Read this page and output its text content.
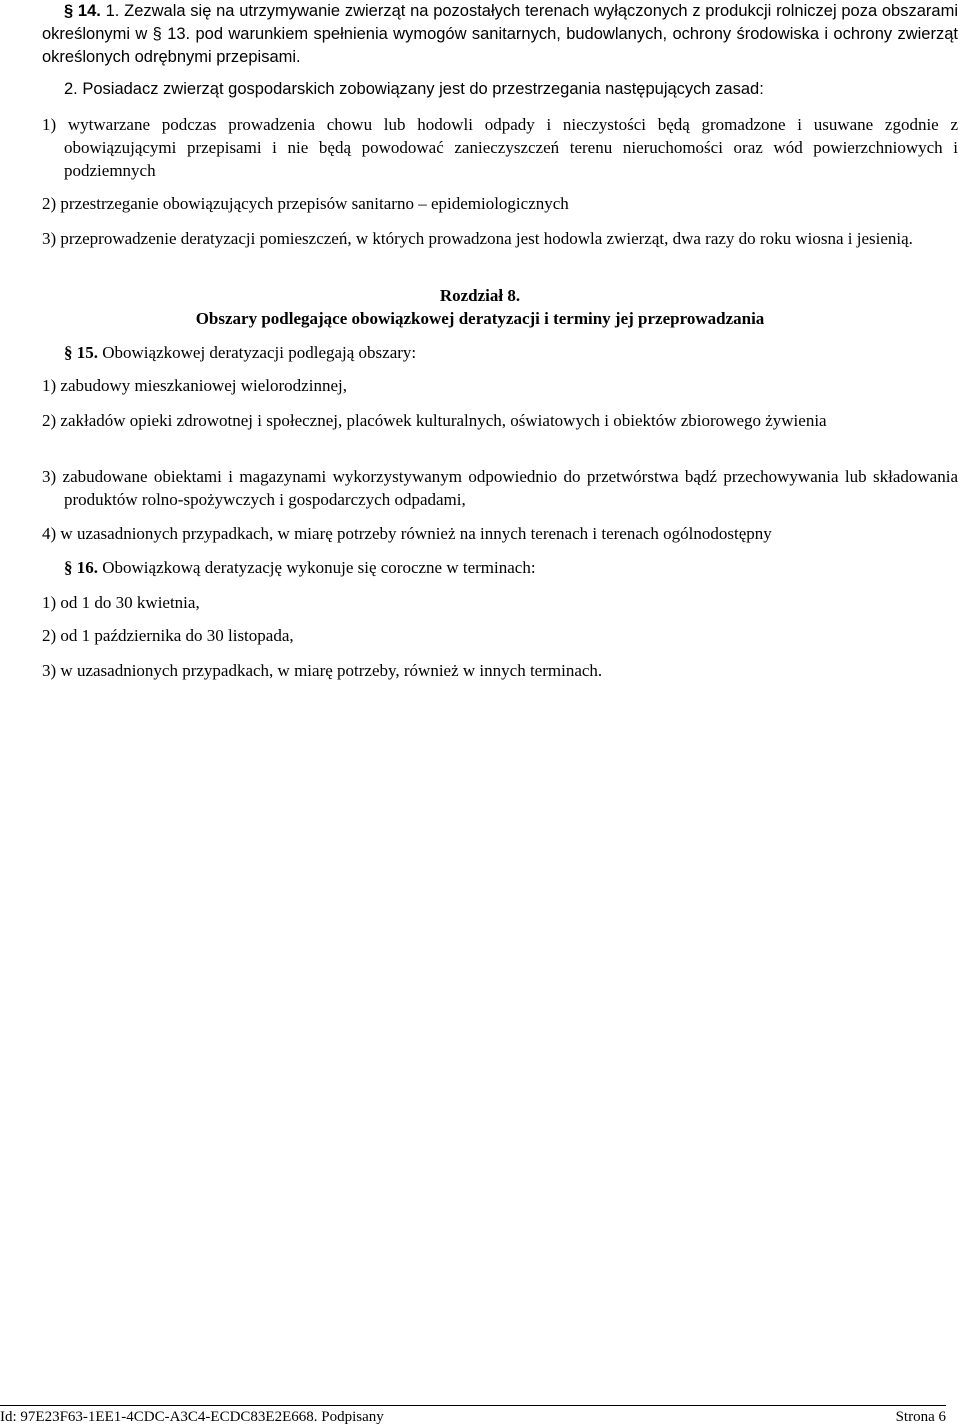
§ 14. 1. Zezwala się na utrzymywanie zwierząt na pozostałych terenach wyłączonych z produkcji rolniczej poza obszarami określonymi w § 13. pod warunkiem spełnienia wymogów sanitarnych, budowlanych, ochrony środowiska i ochrony zwierząt określonych odrębnymi przepisami.

2. Posiadacz zwierząt gospodarskich zobowiązany jest do przestrzegania następujących zasad:

1) wytwarzane podczas prowadzenia chowu lub hodowli odpady i nieczystości będą gromadzone i usuwane zgodnie z obowiązującymi przepisami i nie będą powodować zanieczyszczeń terenu nieruchomości oraz wód powierzchniowych i podziemnych

2) przestrzeganie obowiązujących przepisów sanitarno – epidemiologicznych

3) przeprowadzenie deratyzacji pomieszczeń, w których prowadzona jest hodowla zwierząt, dwa razy do roku wiosna i jesienią.

Rozdział 8.

Obszary podlegające obowiązkowej deratyzacji i terminy jej przeprowadzania

§ 15. Obowiązkowej deratyzacji podlegają obszary:

1) zabudowy mieszkaniowej wielorodzinnej,

2) zakładów opieki zdrowotnej i społecznej, placówek kulturalnych, oświatowych i obiektów zbiorowego żywienia

3) zabudowane obiektami i magazynami wykorzystywanym odpowiednio do przetwórstwa bądź przechowywania lub składowania produktów rolno-spożywczych i gospodarczych odpadami,

4) w uzasadnionych przypadkach, w miarę potrzeby również na innych terenach i terenach ogólnodostępny

§ 16. Obowiązkową deratyzację wykonuje się coroczne w terminach:

1) od 1 do 30 kwietnia,

2) od 1 października do 30 listopada,

3) w uzasadnionych przypadkach, w miarę potrzeby, również w innych terminach.

Id: 97E23F63-1EE1-4CDC-A3C4-ECDC83E2E668. Podpisany	Strona 6
